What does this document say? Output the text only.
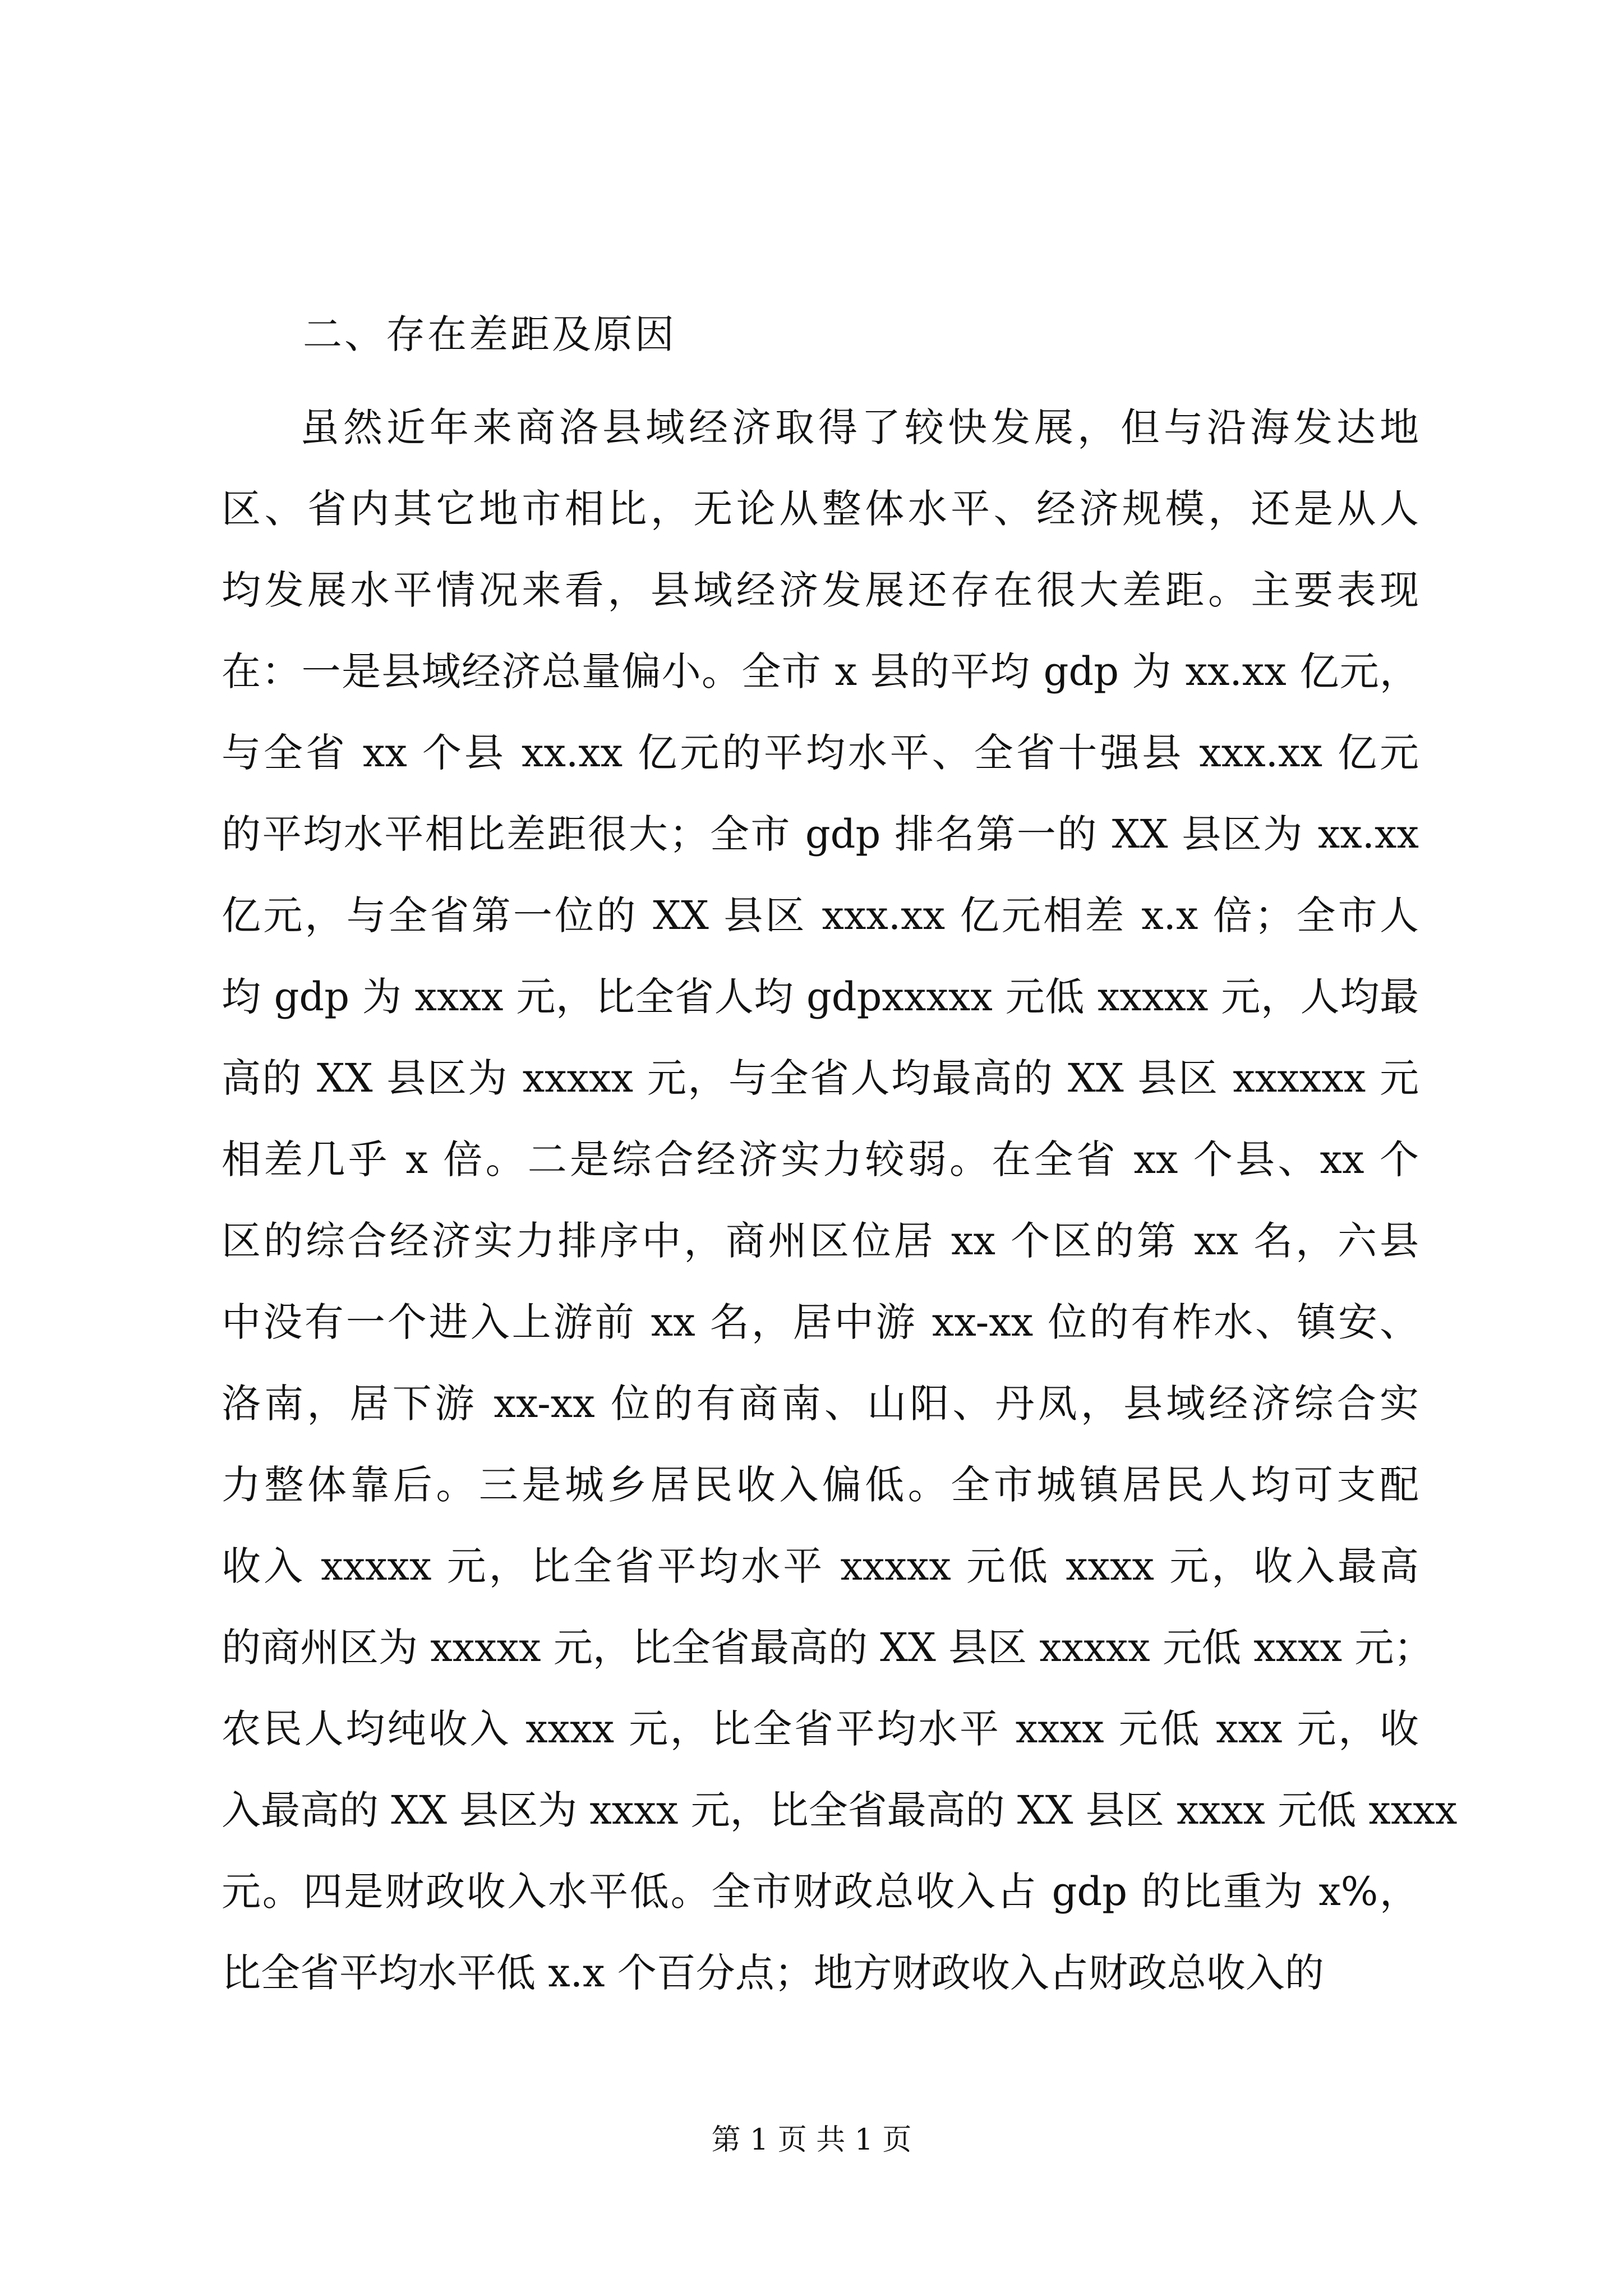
二、存在差距及原因
虽然近年来商洛县域经济取得了较快发展，但与沿海发达地
区、省内其它地市相比，无论从整体水平、经济规模，还是从人
均发展水平情况来看，县域经济发展还存在很大差距。主要表现
在：一是县域经济总量偏小。全市 x 县的平均 gdp 为 xx.xx 亿元，
与全省 xx 个县 xx.xx 亿元的平均水平、全省十强县 xxx.xx 亿元
的平均水平相比差距很大；全市 gdp 排名第一的 XX 县区为 xx.xx
亿元，与全省第一位的 XX 县区 xxx.xx 亿元相差 x.x 倍；全市人
均 gdp 为 xxxx 元，比全省人均 gdpxxxxx 元低 xxxxx 元，人均最
高的 XX 县区为 xxxxx 元，与全省人均最高的 XX 县区 xxxxxx 元
相差几乎 x 倍。二是综合经济实力较弱。在全省 xx 个县、xx 个
区的综合经济实力排序中，商州区位居 xx 个区的第 xx 名，六县
中没有一个进入上游前 xx 名，居中游 xx-xx 位的有柞水、镇安、
洛南，居下游 xx-xx 位的有商南、山阳、丹凤，县域经济综合实
力整体靠后。三是城乡居民收入偏低。全市城镇居民人均可支配
收入 xxxxx 元，比全省平均水平 xxxxx 元低 xxxx 元，收入最高
的商州区为 xxxxx 元，比全省最高的 XX 县区 xxxxx 元低 xxxx 元；
农民人均纯收入 xxxx 元，比全省平均水平 xxxx 元低 xxx 元，收
入最高的 XX 县区为 xxxx 元，比全省最高的 XX 县区 xxxx 元低 xxxx
元。四是财政收入水平低。全市财政总收入占 gdp 的比重为 x%，
比全省平均水平低 x.x 个百分点；地方财政收入占财政总收入的
第 1 页 共 1 页
